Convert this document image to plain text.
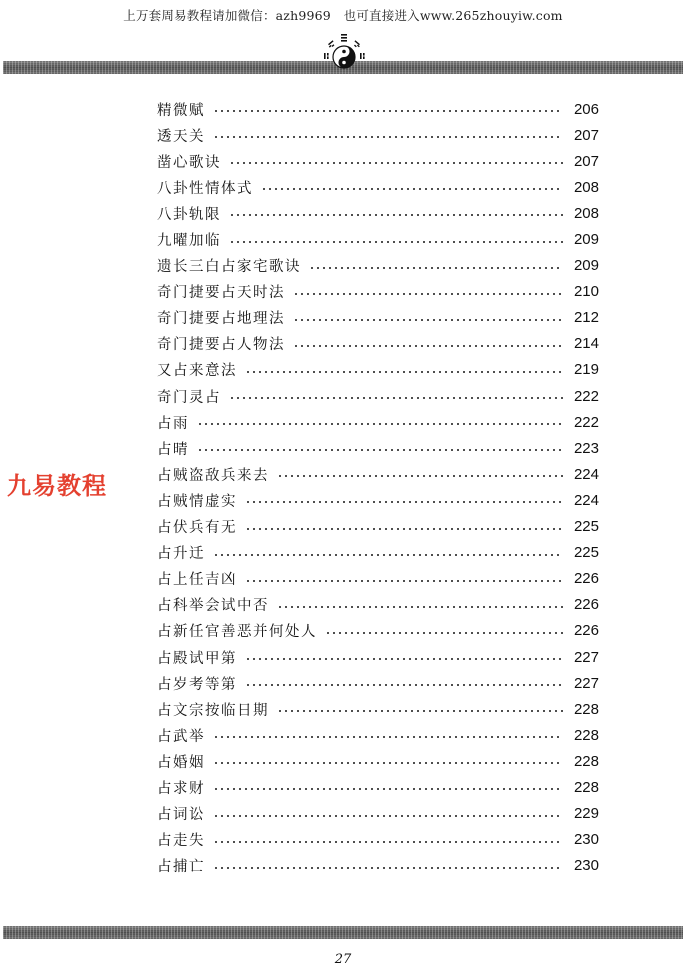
上万套周易教程请加微信：azh9969　也可直接进入www.265zhouyiw.com
九易教程
精微赋	206
透天关	207
凿心歌诀	207
八卦性情体式	208
八卦轨限	208
九曜加临	209
遗长三白占家宅歌诀	209
奇门捷要占天时法	210
奇门捷要占地理法	212
奇门捷要占人物法	214
又占来意法	219
奇门灵占	222
占雨	222
占晴	223
占贼盗敌兵来去	224
占贼情虚实	224
占伏兵有无	225
占升迁	225
占上任吉凶	226
占科举会试中否	226
占新任官善恶并何处人	226
占殿试甲第	227
占岁考等第	227
占文宗按临日期	228
占武举	228
占婚姻	228
占求财	228
占词讼	229
占走失	230
占捕亡	230
27
